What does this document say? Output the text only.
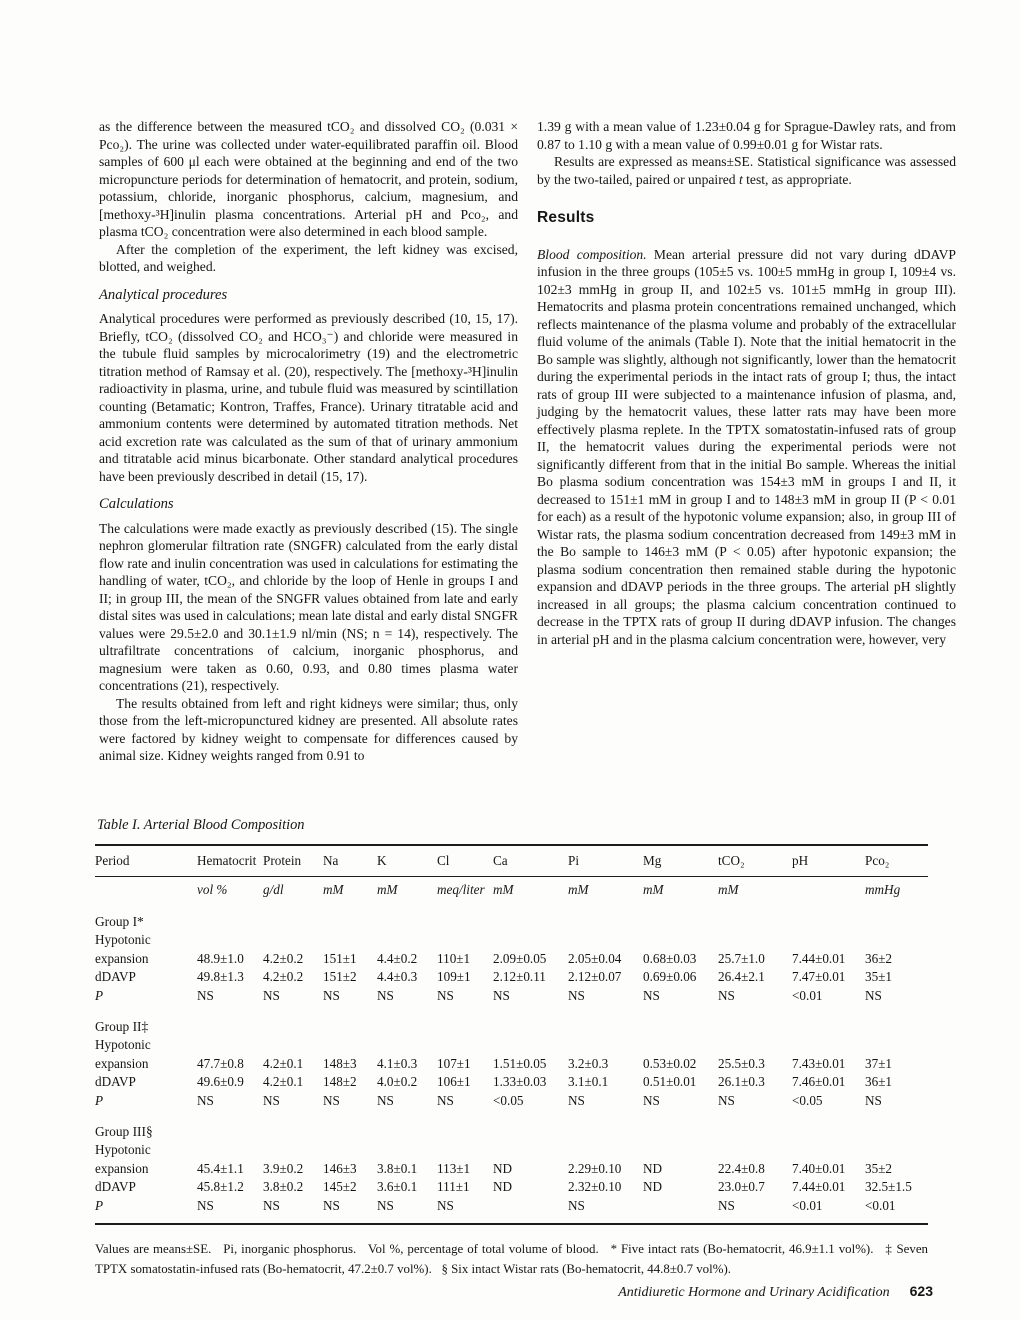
as the difference between the measured tCO₂ and dissolved CO₂ (0.031 × Pco₂). The urine was collected under water-equilibrated paraffin oil. Blood samples of 600 μl each were obtained at the beginning and end of the two micropuncture periods for determination of hematocrit, and protein, sodium, potassium, chloride, inorganic phosphorus, calcium, magnesium, and [methoxy-³H]inulin plasma concentrations. Arterial pH and Pco₂, and plasma tCO₂ concentration were also determined in each blood sample.

After the completion of the experiment, the left kidney was excised, blotted, and weighed.

Analytical procedures

Analytical procedures were performed as previously described (10, 15, 17). Briefly, tCO₂ (dissolved CO₂ and HCO₃⁻) and chloride were measured in the tubule fluid samples by microcalorimetry (19) and the electrometric titration method of Ramsay et al. (20), respectively. The [methoxy-³H]inulin radioactivity in plasma, urine, and tubule fluid was measured by scintillation counting (Betamatic; Kontron, Traffes, France). Urinary titratable acid and ammonium contents were determined by automated titration methods. Net acid excretion rate was calculated as the sum of that of urinary ammonium and titratable acid minus bicarbonate. Other standard analytical procedures have been previously described in detail (15, 17).

Calculations

The calculations were made exactly as previously described (15). The single nephron glomerular filtration rate (SNGFR) calculated from the early distal flow rate and inulin concentration was used in calculations for estimating the handling of water, tCO₂, and chloride by the loop of Henle in groups I and II; in group III, the mean of the SNGFR values obtained from late and early distal sites was used in calculations; mean late distal and early distal SNGFR values were 29.5±2.0 and 30.1±1.9 nl/min (NS; n = 14), respectively. The ultrafiltrate concentrations of calcium, inorganic phosphorus, and magnesium were taken as 0.60, 0.93, and 0.80 times plasma water concentrations (21), respectively.

The results obtained from left and right kidneys were similar; thus, only those from the left-micropunctured kidney are presented. All absolute rates were factored by kidney weight to compensate for differences caused by animal size. Kidney weights ranged from 0.91 to

1.39 g with a mean value of 1.23±0.04 g for Sprague-Dawley rats, and from 0.87 to 1.10 g with a mean value of 0.99±0.01 g for Wistar rats.

Results are expressed as means±SE. Statistical significance was assessed by the two-tailed, paired or unpaired t test, as appropriate.

Results

Blood composition. Mean arterial pressure did not vary during dDAVP infusion in the three groups (105±5 vs. 100±5 mmHg in group I, 109±4 vs. 102±3 mmHg in group II, and 102±5 vs. 101±5 mmHg in group III). Hematocrits and plasma protein concentrations remained unchanged, which reflects maintenance of the plasma volume and probably of the extracellular fluid volume of the animals (Table I). Note that the initial hematocrit in the Bo sample was slightly, although not significantly, lower than the hematocrit during the experimental periods in the intact rats of group I; thus, the intact rats of group III were subjected to a maintenance infusion of plasma, and, judging by the hematocrit values, these latter rats may have been more effectively plasma replete. In the TPTX somatostatin-infused rats of group II, the hematocrit values during the experimental periods were not significantly different from that in the initial Bo sample. Whereas the initial Bo plasma sodium concentration was 154±3 mM in groups I and II, it decreased to 151±1 mM in group I and to 148±3 mM in group II (P < 0.01 for each) as a result of the hypotonic volume expansion; also, in group III of Wistar rats, the plasma sodium concentration decreased from 149±3 mM in the Bo sample to 146±3 mM (P < 0.05) after hypotonic expansion; the plasma sodium concentration then remained stable during the hypotonic expansion and dDAVP periods in the three groups. The arterial pH slightly increased in all groups; the plasma calcium concentration continued to decrease in the TPTX rats of group II during dDAVP infusion. The changes in arterial pH and in the plasma calcium concentration were, however, very

Table I. Arterial Blood Composition
Period	Hematocrit	Protein	Na	K	Cl	Ca	Pi	Mg	tCO₂	pH	Pco₂
	vol %	g/dl	mM	mM	meq/liter	mM	mM	mM	mM		mmHg
Group I*											
Hypotonic											
expansion	48.9±1.0	4.2±0.2	151±1	4.4±0.2	110±1	2.09±0.05	2.05±0.04	0.68±0.03	25.7±1.0	7.44±0.01	36±2
dDAVP	49.8±1.3	4.2±0.2	151±2	4.4±0.3	109±1	2.12±0.11	2.12±0.07	0.69±0.06	26.4±2.1	7.47±0.01	35±1
P	NS	NS	NS	NS	NS	NS	NS	NS	NS	<0.01	NS
Group II‡											
Hypotonic											
expansion	47.7±0.8	4.2±0.1	148±3	4.1±0.3	107±1	1.51±0.05	3.2±0.3	0.53±0.02	25.5±0.3	7.43±0.01	37±1
dDAVP	49.6±0.9	4.2±0.1	148±2	4.0±0.2	106±1	1.33±0.03	3.1±0.1	0.51±0.01	26.1±0.3	7.46±0.01	36±1
P	NS	NS	NS	NS	NS	<0.05	NS	NS	NS	<0.05	NS
Group III§											
Hypotonic											
expansion	45.4±1.1	3.9±0.2	146±3	3.8±0.1	113±1	ND	2.29±0.10	ND	22.4±0.8	7.40±0.01	35±2
dDAVP	45.8±1.2	3.8±0.2	145±2	3.6±0.1	111±1	ND	2.32±0.10	ND	23.0±0.7	7.44±0.01	32.5±1.5
P	NS	NS	NS	NS	NS		NS		NS	<0.01	<0.01
Values are means±SE.   Pi, inorganic phosphorus.   Vol %, percentage of total volume of blood.   * Five intact rats (Bo-hematocrit, 46.9±1.1 vol%).   ‡ Seven TPTX somatostatin-infused rats (Bo-hematocrit, 47.2±0.7 vol%).   § Six intact Wistar rats (Bo-hematocrit, 44.8±0.7 vol%).
Antidiuretic Hormone and Urinary Acidification 623
